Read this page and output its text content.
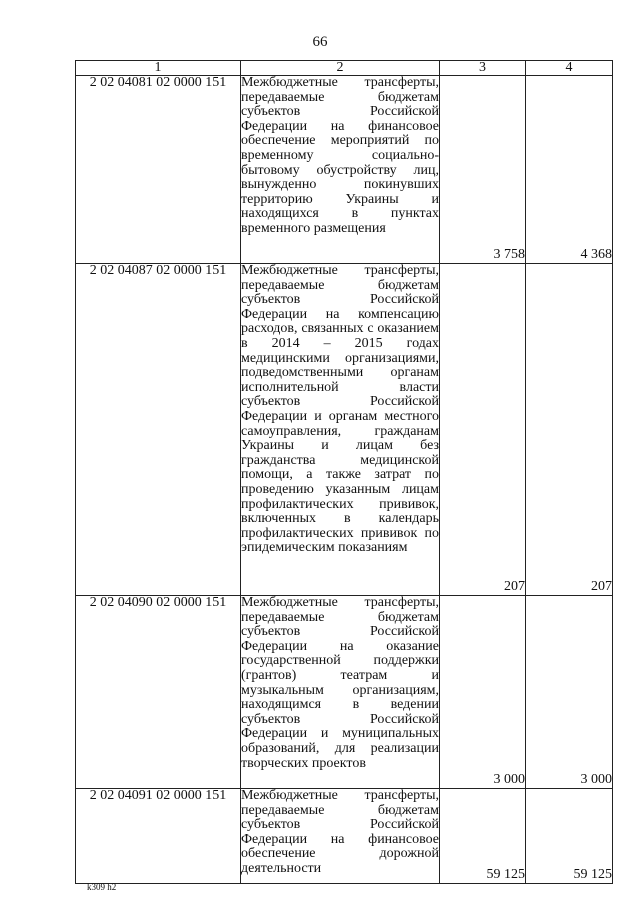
66
1	2	3	4
2 02 04081 02 0000 151	Межбюджетные трансферты, передаваемые бюджетам субъектов Российской Федерации на финансовое обеспечение мероприятий по временному социально-бытовому обустройству лиц, вынужденно покинувших территорию Украины и находящихся в пунктах временного размещения	3 758	4 368
2 02 04087 02 0000 151	Межбюджетные трансферты, передаваемые бюджетам субъектов Российской Федерации на компенсацию расходов, связанных с оказанием в 2014 – 2015 годах медицинскими организациями, подведомственными органам исполнительной власти субъектов Российской Федерации и органам местного самоуправления, гражданам Украины и лицам без гражданства медицинской помощи, а также затрат по проведению указанным лицам профилактических прививок, включенных в календарь профилактических прививок по эпидемическим показаниям	207	207
2 02 04090 02 0000 151	Межбюджетные трансферты, передаваемые бюджетам субъектов Российской Федерации на оказание государственной поддержки (грантов) театрам и музыкальным организациям, находящимся в ведении субъектов Российской Федерации и муниципальных образований, для реализации творческих проектов	3 000	3 000
2 02 04091 02 0000 151	Межбюджетные трансферты, передаваемые бюджетам субъектов Российской Федерации на финансовое обеспечение дорожной деятельности	59 125	59 125
k309 h2
